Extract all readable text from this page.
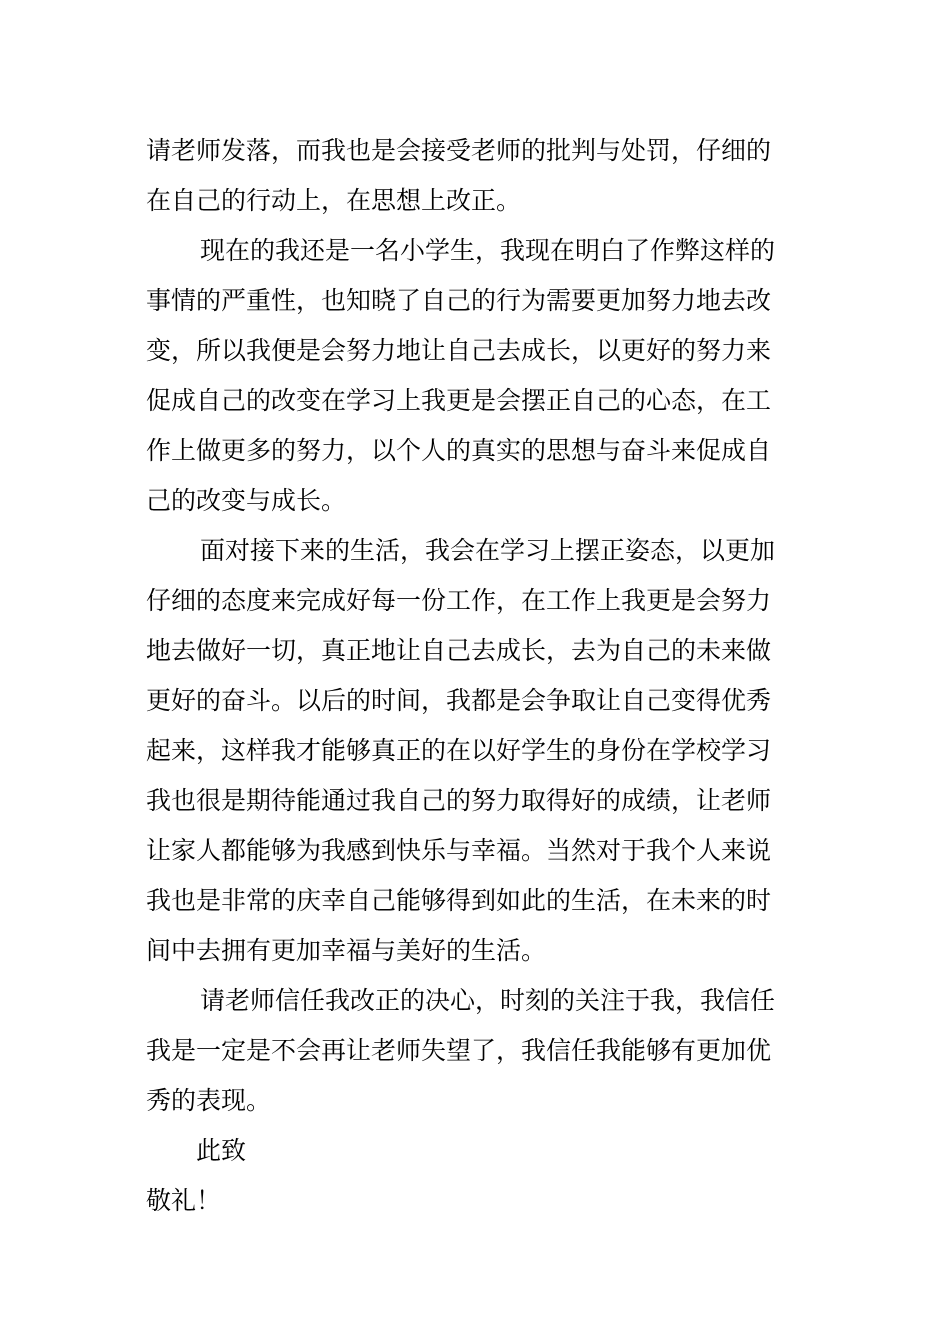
请老师发落，而我也是会接受老师的批判与处罚，仔细的
在自己的行动上，在思想上改正。
现在的我还是一名小学生，我现在明白了作弊这样的
事情的严重性，也知晓了自己的行为需要更加努力地去改
变，所以我便是会努力地让自己去成长，以更好的努力来
促成自己的改变在学习上我更是会摆正自己的心态，在工
作上做更多的努力，以个人的真实的思想与奋斗来促成自
己的改变与成长。
面对接下来的生活，我会在学习上摆正姿态，以更加
仔细的态度来完成好每一份工作，在工作上我更是会努力
地去做好一切，真正地让自己去成长，去为自己的未来做
更好的奋斗。以后的时间，我都是会争取让自己变得优秀
起来，这样我才能够真正的在以好学生的身份在学校学习
我也很是期待能通过我自己的努力取得好的成绩，让老师
让家人都能够为我感到快乐与幸福。当然对于我个人来说
我也是非常的庆幸自己能够得到如此的生活，在未来的时
间中去拥有更加幸福与美好的生活。
请老师信任我改正的决心，时刻的关注于我，我信任
我是一定是不会再让老师失望了，我信任我能够有更加优
秀的表现。
此致
敬礼！
